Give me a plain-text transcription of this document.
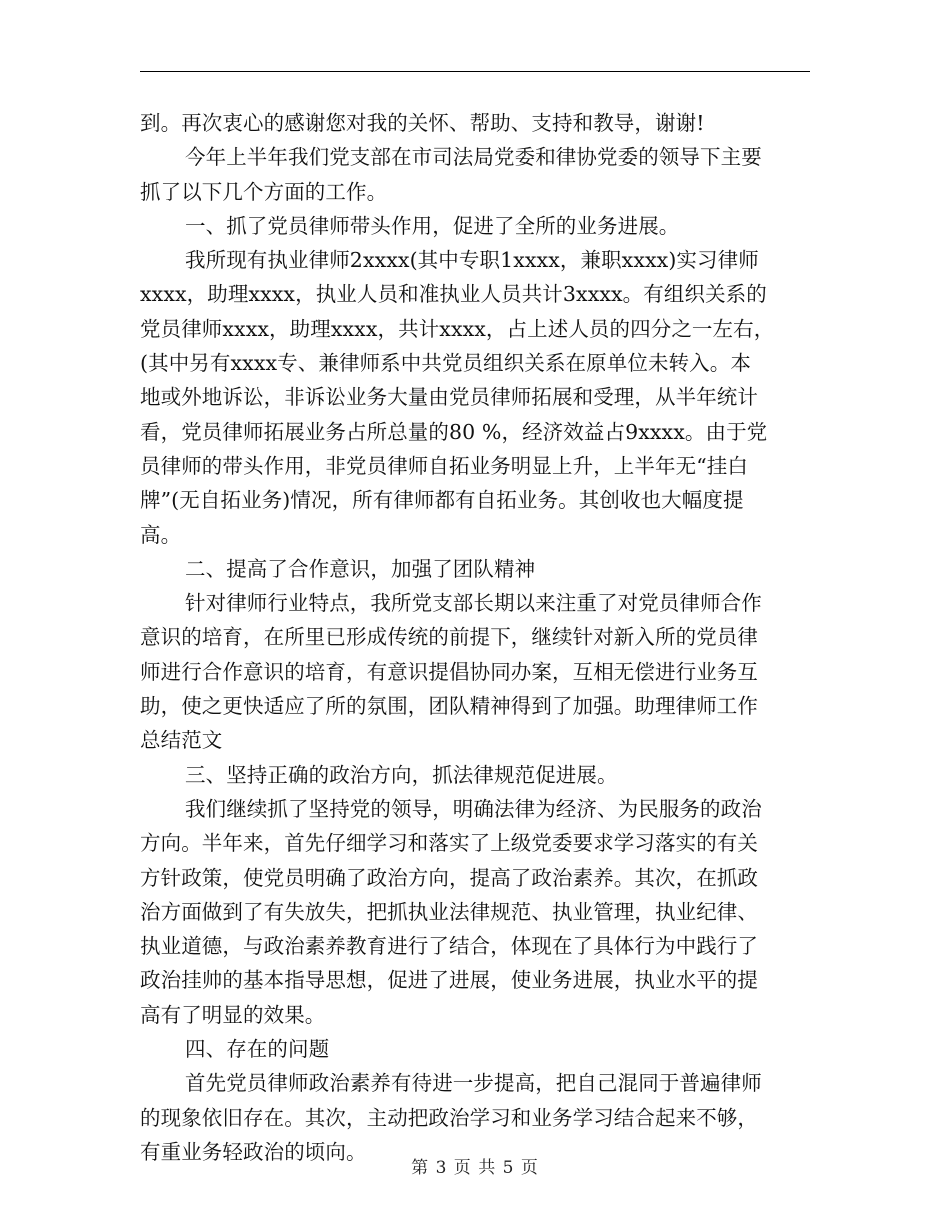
到。再次衷心的感谢您对我的关怀、帮助、支持和教导，谢谢!
今年上半年我们党支部在市司法局党委和律协党委的领导下主要
抓了以下几个方面的工作。
一、抓了党员律师带头作用，促进了全所的业务进展。
我所现有执业律师2xxxx(其中专职1xxxx，兼职xxxx)实习律师
xxxx，助理xxxx，执业人员和准执业人员共计3xxxx。有组织关系的
党员律师xxxx，助理xxxx，共计xxxx，占上述人员的四分之一左右，
(其中另有xxxx专、兼律师系中共党员组织关系在原单位未转入。本
地或外地诉讼，非诉讼业务大量由党员律师拓展和受理，从半年统计
看，党员律师拓展业务占所总量的80 %，经济效益占9xxxx。由于党
员律师的带头作用，非党员律师自拓业务明显上升，上半年无“挂白
牌”(无自拓业务)情况，所有律师都有自拓业务。其创收也大幅度提
高。
二、提高了合作意识，加强了团队精神
针对律师行业特点，我所党支部长期以来注重了对党员律师合作
意识的培育，在所里已形成传统的前提下，继续针对新入所的党员律
师进行合作意识的培育，有意识提倡协同办案，互相无偿进行业务互
助，使之更快适应了所的氛围，团队精神得到了加强。助理律师工作
总结范文
三、坚持正确的政治方向，抓法律规范促进展。
我们继续抓了坚持党的领导，明确法律为经济、为民服务的政治
方向。半年来，首先仔细学习和落实了上级党委要求学习落实的有关
方针政策，使党员明确了政治方向，提高了政治素养。其次，在抓政
治方面做到了有失放失，把抓执业法律规范、执业管理，执业纪律、
执业道德，与政治素养教育进行了结合，体现在了具体行为中践行了
政治挂帅的基本指导思想，促进了进展，使业务进展，执业水平的提
高有了明显的效果。
四、存在的问题
首先党员律师政治素养有待进一步提高，把自己混同于普遍律师
的现象依旧存在。其次，主动把政治学习和业务学习结合起来不够，
有重业务轻政治的顷向。
第 3 页 共 5 页
